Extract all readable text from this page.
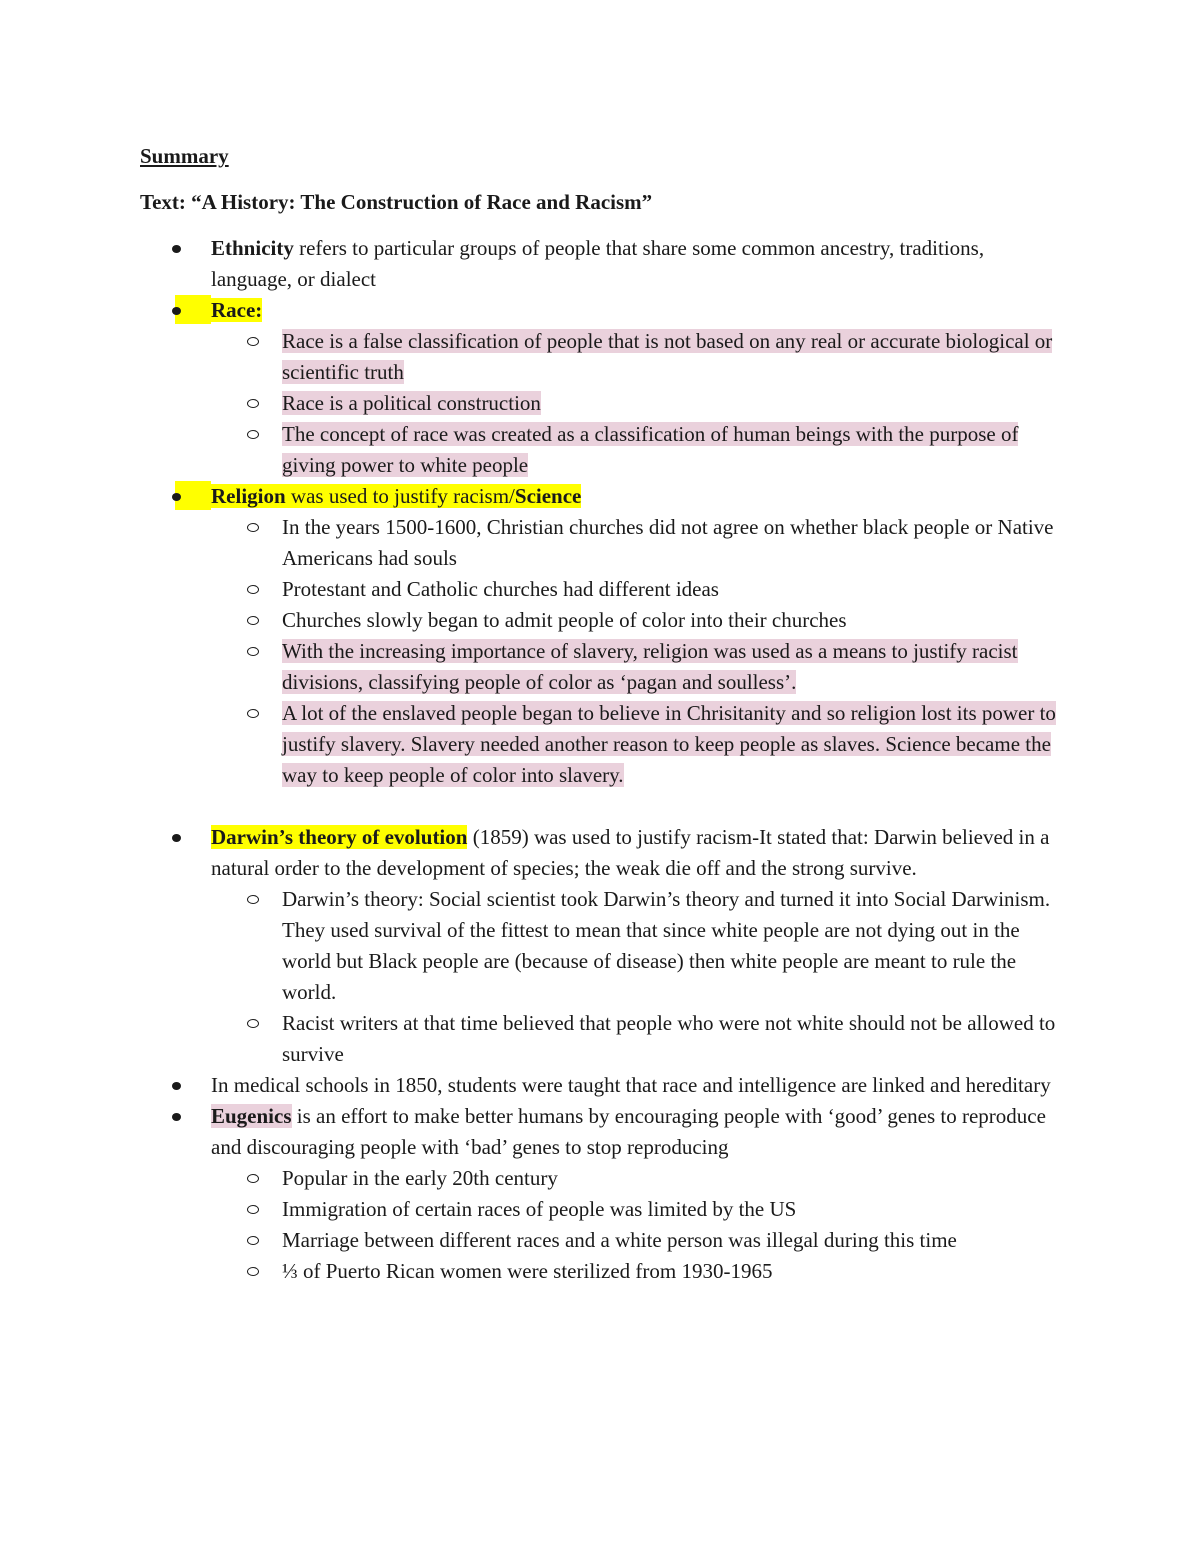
Summary
Text: “A History: The Construction of Race and Racism”
Ethnicity refers to particular groups of people that share some common ancestry, traditions, language, or dialect
Race:
Race is a false classification of people that is not based on any real or accurate biological or scientific truth
Race is a political construction
The concept of race was created as a classification of human beings with the purpose of giving power to white people
Religion was used to justify racism/Science
In the years 1500-1600, Christian churches did not agree on whether black people or Native Americans had souls
Protestant and Catholic churches had different ideas
Churches slowly began to admit people of color into their churches
With the increasing importance of slavery, religion was used as a means to justify racist divisions, classifying people of color as ‘pagan and soulless’.
A lot of the enslaved people began to believe in Chrisitanity and so religion lost its power to justify slavery. Slavery needed another reason to keep people as slaves. Science became the way to keep people of color into slavery.
Darwin’s theory of evolution (1859) was used to justify racism-It stated that: Darwin believed in a natural order to the development of species; the weak die off and the strong survive.
Darwin’s theory: Social scientist took Darwin’s theory and turned it into Social Darwinism. They used survival of the fittest to mean that since white people are not dying out in the world but Black people are (because of disease) then white people are meant to rule the world.
Racist writers at that time believed that people who were not white should not be allowed to survive
In medical schools in 1850, students were taught that race and intelligence are linked and hereditary
Eugenics is an effort to make better humans by encouraging people with ‘good’ genes to reproduce and discouraging people with ‘bad’ genes to stop reproducing
Popular in the early 20th century
Immigration of certain races of people was limited by the US
Marriage between different races and a white person was illegal during this time
⅓ of Puerto Rican women were sterilized from 1930-1965
